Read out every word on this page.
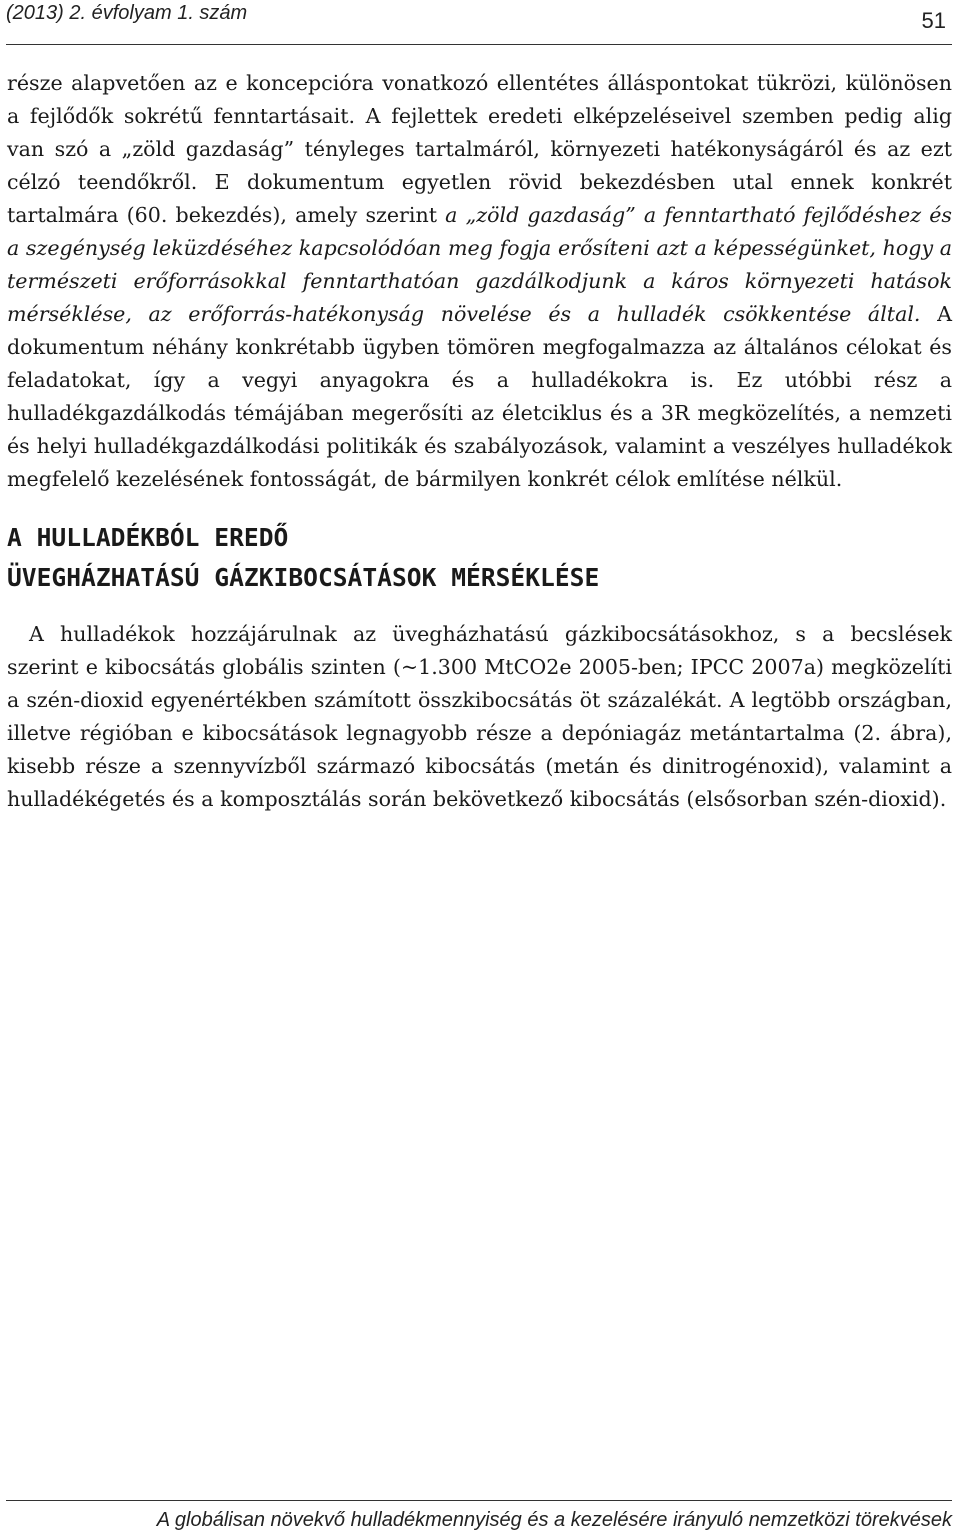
(2013) 2. évfolyam 1. szám	51

része alapvetően az e koncepcióra vonatkozó ellentétes álláspontokat tükrözi, különösen a fejlődők sokrétű fenntartásait. A fejlettek eredeti elképzeléseivel szemben pedig alig van szó a „zöld gazdaság” tényleges tartalmáról, környezeti hatékonyságáról és az ezt célzó teendőkről. E dokumentum egyetlen rövid bekezdésben utal ennek konkrét tartalmára (60. bekezdés), amely szerint a „zöld gazdaság” a fenntartható fejlődéshez és a szegénység leküzdéséhez kapcsolódóan meg fogja erősíteni azt a képességünket, hogy a természeti erőforrásokkal fenntarthatóan gazdálkodjunk a káros környezeti hatások mérséklése, az erőforrás-hatékonyság növelése és a hulladék csökkentése által. A dokumentum néhány konkrétabb ügyben tömören megfogalmazza az általános célokat és feladatokat, így a vegyi anyagokra és a hulladékokra is. Ez utóbbi rész a hulladékgazdálkodás témájában megerősíti az életciklus és a 3R megközelítés, a nemzeti és helyi hulladékgazdálkodási politikák és szabályozások, valamint a veszélyes hulladékok megfelelő kezelésének fontosságát, de bármilyen konkrét célok említése nélkül.

A HULLADÉKBÓL EREDŐ
ÜVEGHÁZHATÁSÚ GÁZKIBOCSÁTÁSOK MÉRSÉKLÉSE

A hulladékok hozzájárulnak az üvegházhatású gázkibocsátásokhoz, s a becslések szerint e kibocsátás globális szinten (~1.300 MtCO2e 2005-ben; IPCC 2007a) megközelíti a szén-dioxid egyenértékben számított összkibocsátás öt százalékát. A legtöbb országban, illetve régióban e kibocsátások legnagyobb része a depóniagáz metántartalma (2. ábra), kisebb része a szennyvízből származó kibocsátás (metán és dinitrogénoxid), valamint a hulladékégetés és a komposztálás során bekövetkező kibocsátás (elsősorban szén-dioxid).

A globálisan növekvő hulladékmennyiség és a kezelésére irányuló nemzetközi törekvések
